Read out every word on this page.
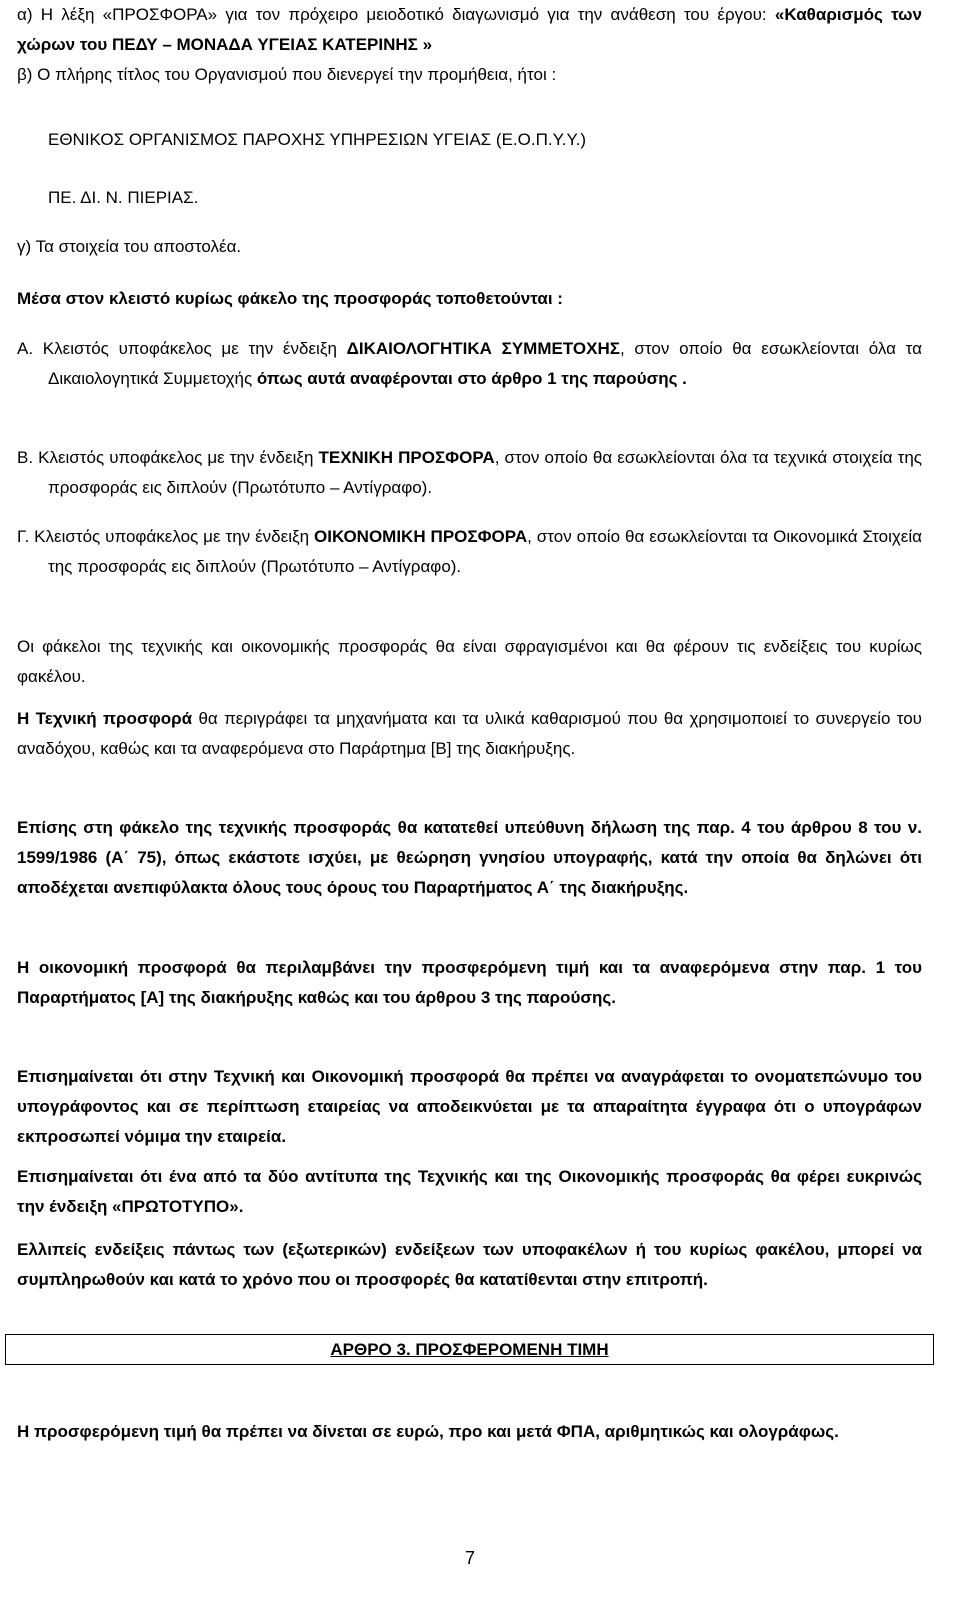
α) Η λέξη «ΠΡΟΣΦΟΡΑ» για τον πρόχειρο μειοδοτικό διαγωνισμό για την ανάθεση του έργου: «Καθαρισμός των χώρων του ΠΕΔΥ – ΜΟΝΑΔΑ ΥΓΕΙΑΣ ΚΑΤΕΡΙΝΗΣ »

β) Ο πλήρης τίτλος του Οργανισμού που διενεργεί την προμήθεια, ήτοι :

ΕΘΝΙΚΟΣ ΟΡΓΑΝΙΣΜΟΣ ΠΑΡΟΧΗΣ ΥΠΗΡΕΣΙΩΝ ΥΓΕΙΑΣ (Ε.Ο.Π.Υ.Υ.)

ΠΕ. ΔΙ. Ν. ΠΙΕΡΙΑΣ.

γ) Τα στοιχεία του αποστολέα.

Μέσα στον κλειστό κυρίως φάκελο της προσφοράς τοποθετούνται :

Α. Κλειστός υποφάκελος με την ένδειξη ΔΙΚΑΙΟΛΟΓΗΤΙΚΑ ΣΥΜΜΕΤΟΧΗΣ, στον οποίο θα εσωκλείονται όλα τα Δικαιολογητικά Συμμετοχής όπως αυτά αναφέρονται στο άρθρο 1 της παρούσης .

Β. Κλειστός υποφάκελος με την ένδειξη ΤΕΧΝΙΚΗ ΠΡΟΣΦΟΡΑ, στον οποίο θα εσωκλείονται όλα τα τεχνικά στοιχεία της προσφοράς εις διπλούν (Πρωτότυπο – Αντίγραφο).

Γ. Κλειστός υποφάκελος με την ένδειξη ΟΙΚΟΝΟΜΙΚΗ ΠΡΟΣΦΟΡΑ, στον οποίο θα εσωκλείονται τα Οικονομικά Στοιχεία της προσφοράς εις διπλούν (Πρωτότυπο – Αντίγραφο).

Οι φάκελοι της τεχνικής και οικονομικής προσφοράς θα είναι σφραγισμένοι και θα φέρουν τις ενδείξεις του κυρίως φακέλου.

Η Τεχνική προσφορά θα περιγράφει τα μηχανήματα και τα υλικά καθαρισμού που θα χρησιμοποιεί το συνεργείο του αναδόχου, καθώς και τα αναφερόμενα στο Παράρτημα [Β] της διακήρυξης.

Επίσης στη φάκελο της τεχνικής προσφοράς θα κατατεθεί υπεύθυνη δήλωση της παρ. 4 του άρθρου 8 του ν. 1599/1986 (Α΄ 75), όπως εκάστοτε ισχύει, με θεώρηση γνησίου υπογραφής, κατά την οποία θα δηλώνει ότι αποδέχεται ανεπιφύλακτα όλους τους όρους του Παραρτήματος Α΄ της διακήρυξης.

Η οικονομική προσφορά θα περιλαμβάνει την προσφερόμενη τιμή και τα αναφερόμενα στην παρ. 1 του Παραρτήματος [Α] της διακήρυξης καθώς και του άρθρου 3 της παρούσης.

Επισημαίνεται ότι στην Τεχνική και Οικονομική προσφορά θα πρέπει να αναγράφεται το ονοματεπώνυμο του υπογράφοντος και σε περίπτωση εταιρείας να αποδεικνύεται με τα απαραίτητα έγγραφα ότι ο υπογράφων εκπροσωπεί νόμιμα την εταιρεία.

Επισημαίνεται ότι ένα από τα δύο αντίτυπα της Τεχνικής και της Οικονομικής προσφοράς θα φέρει ευκρινώς την ένδειξη «ΠΡΩΤΟΤΥΠΟ».

Ελλιπείς ενδείξεις πάντως των (εξωτερικών) ενδείξεων των υποφακέλων ή του κυρίως φακέλου, μπορεί να συμπληρωθούν και κατά το χρόνο που οι προσφορές θα κατατίθενται στην επιτροπή.

ΑΡΘΡΟ 3. ΠΡΟΣΦΕΡΟΜΕΝΗ ΤΙΜΗ

Η προσφερόμενη τιμή θα πρέπει να δίνεται σε ευρώ, προ και μετά ΦΠΑ, αριθμητικώς και ολογράφως.

7
